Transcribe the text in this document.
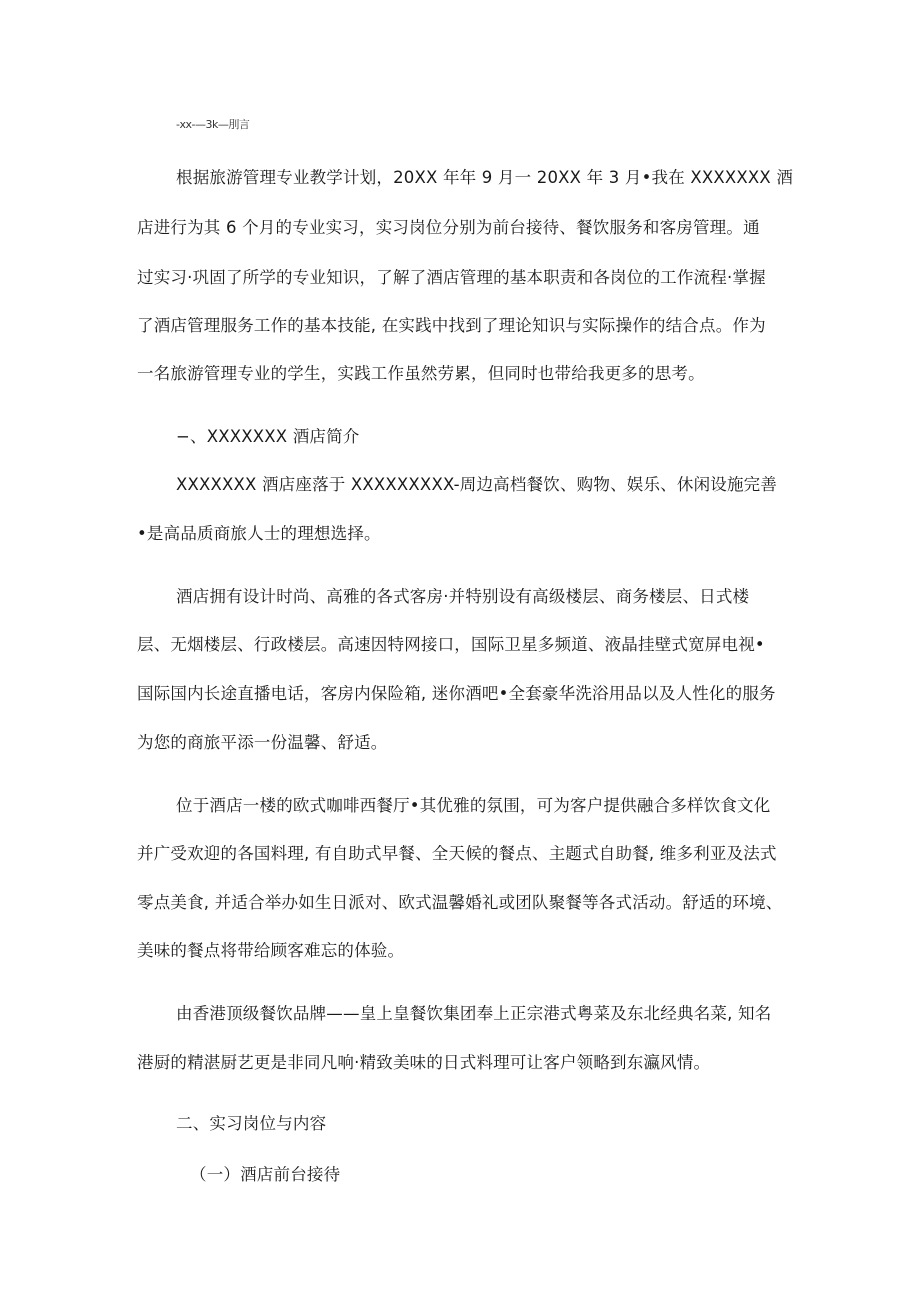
-xx-—3k—刖言
根据旅游管理专业教学计划，20XX 年年 9 月一 20XX 年 3 月•我在 XXXXXXX 酒
店进行为其 6 个月的专业实习，实习岗位分别为前台接待、餐饮服务和客房管理。通
过实习·巩固了所学的专业知识，了解了酒店管理的基本职责和各岗位的工作流程·掌握
了酒店管理服务工作的基本技能, 在实践中找到了理论知识与实际操作的结合点。作为
一名旅游管理专业的学生，实践工作虽然劳累，但同时也带给我更多的思考。
−、XXXXXXX 酒店简介
XXXXXXX 酒店座落于 XXXXXXXXX-周边高档餐饮、购物、娱乐、休闲设施完善
•是高品质商旅人士的理想选择。
酒店拥有设计时尚、高雅的各式客房·并特别设有高级楼层、商务楼层、日式楼
层、无烟楼层、行政楼层。高速因特网接口，国际卫星多频道、液晶挂壁式宽屏电视•
国际国内长途直播电话，客房内保险箱, 迷你酒吧•全套豪华洗浴用品以及人性化的服务
为您的商旅平添一份温馨、舒适。
位于酒店一楼的欧式咖啡西餐厅•其优雅的氛围，可为客户提供融合多样饮食文化
并广受欢迎的各国料理, 有自助式早餐、全天候的餐点、主题式自助餐, 维多利亚及法式
零点美食, 并适合举办如生日派对、欧式温馨婚礼或团队聚餐等各式活动。舒适的环境、
美味的餐点将带给顾客难忘的体验。
由香港顶级餐饮品牌——皇上皇餐饮集团奉上正宗港式粤菜及东北经典名菜, 知名
港厨的精湛厨艺更是非同凡响·精致美味的日式料理可让客户领略到东瀛风情。
二、实习岗位与内容
（一）酒店前台接待
